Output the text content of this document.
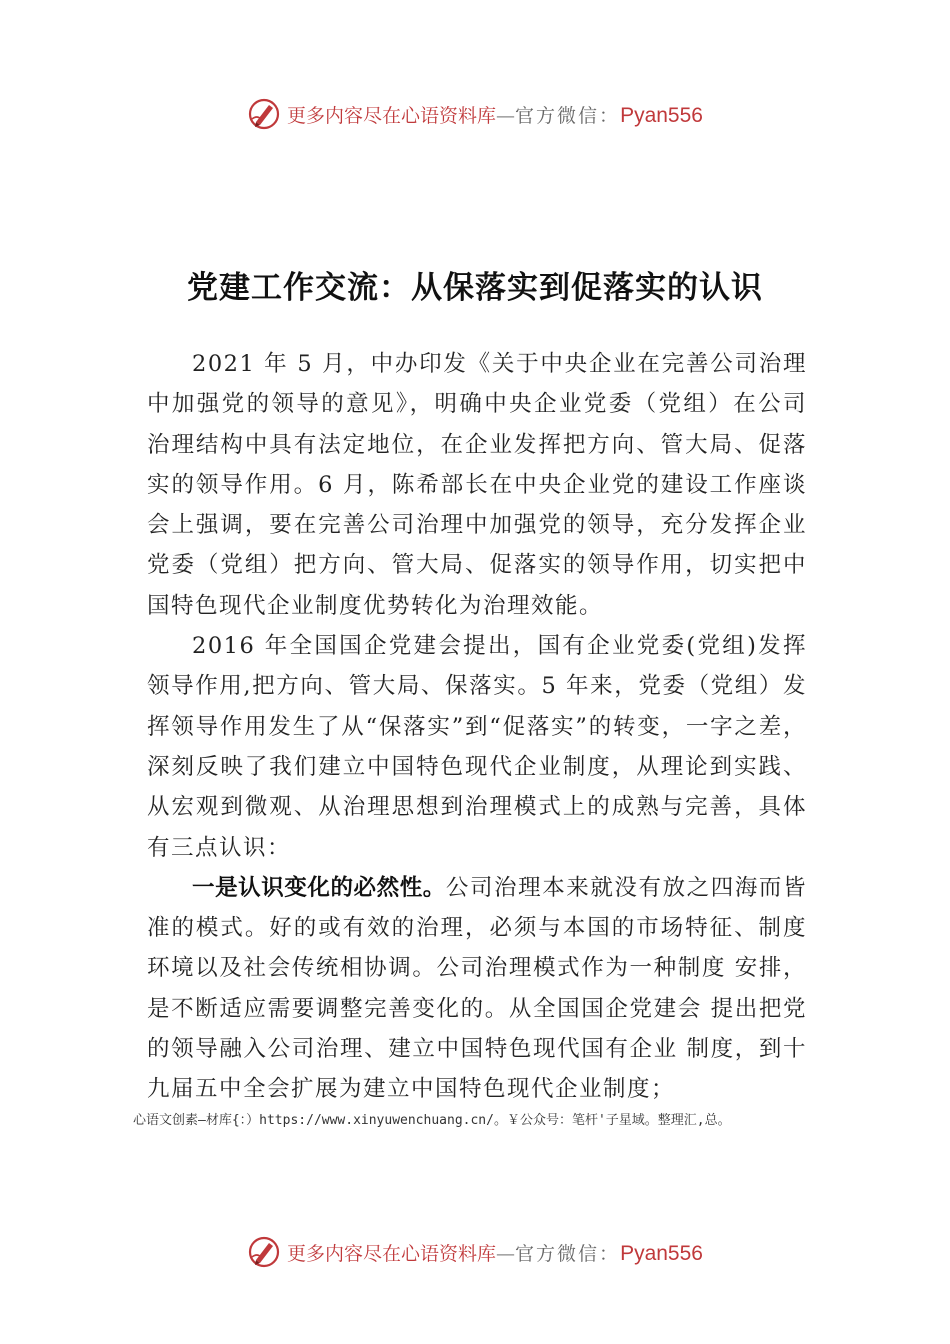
更多内容尽在心语资料库—官方微信：Pyan556
党建工作交流：从保落实到促落实的认识

2021 年 5 月，中办印发《关于中央企业在完善公司治理中加强党的领导的意见》，明确中央企业党委（党组）在公司治理结构中具有法定地位，在企业发挥把方向、管大局、促落实的领导作用。6 月，陈希部长在中央企业党的建设工作座谈会上强调，要在完善公司治理中加强党的领导，充分发挥企业党委（党组）把方向、管大局、促落实的领导作用，切实把中国特色现代企业制度优势转化为治理效能。

2016 年全国国企党建会提出，国有企业党委(党组)发挥领导作用,把方向、管大局、保落实。5 年来，党委（党组）发挥领导作用发生了从“保落实”到“促落实”的转变，一字之差，深刻反映了我们建立中国特色现代企业制度，从理论到实践、从宏观到微观、从治理思想到治理模式上的成熟与完善，具体有三点认识：

一是认识变化的必然性。公司治理本来就没有放之四海而皆准的模式。好的或有效的治理，必须与本国的市场特征、制度环境以及社会传统相协调。公司治理模式作为一种制度 安排，是不断适应需要调整完善变化的。从全国国企党建会 提出把党的领导融入公司治理、建立中国特色现代国有企业 制度，到十九届五中全会扩展为建立中国特色现代企业制度；

心语文创素—材库{：）https://www.xinyuwenchuang.cn/。￥公众号：笔杆'子星域。整理汇,总。

更多内容尽在心语资料库—官方微信：Pyan556
